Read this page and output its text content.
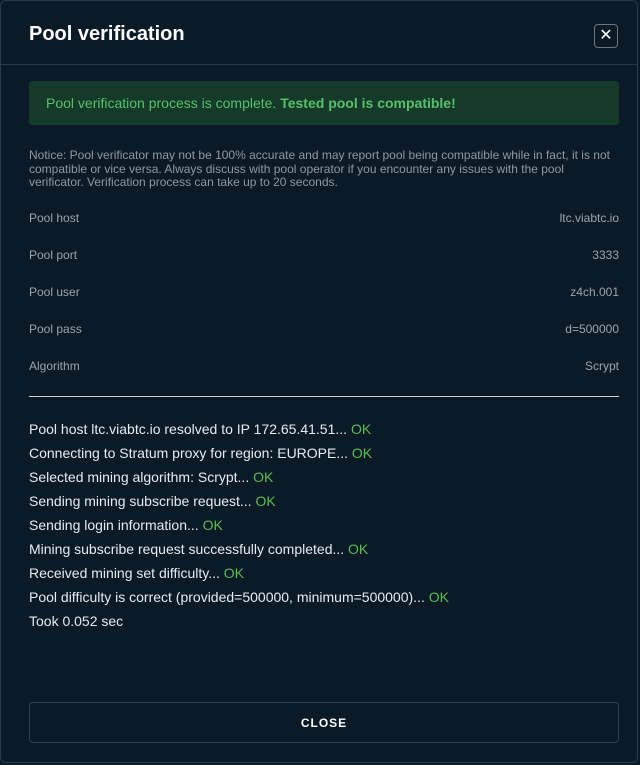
Pool verification	✕
Pool verification process is complete. Tested pool is compatible!
Notice: Pool verificator may not be 100% accurate and may report pool being compatible while in fact, it is not compatible or vice versa. Always discuss with pool operator if you encounter any issues with the pool verificator. Verification process can take up to 20 seconds.
Pool host	ltc.viabtc.io
Pool port	3333
Pool user	z4ch.001
Pool pass	d=500000
Algorithm	Scrypt
Pool host ltc.viabtc.io resolved to IP 172.65.41.51... OK
Connecting to Stratum proxy for region: EUROPE... OK
Selected mining algorithm: Scrypt... OK
Sending mining subscribe request... OK
Sending login information... OK
Mining subscribe request successfully completed... OK
Received mining set difficulty... OK
Pool difficulty is correct (provided=500000, minimum=500000)... OK
Took 0.052 sec
CLOSE
